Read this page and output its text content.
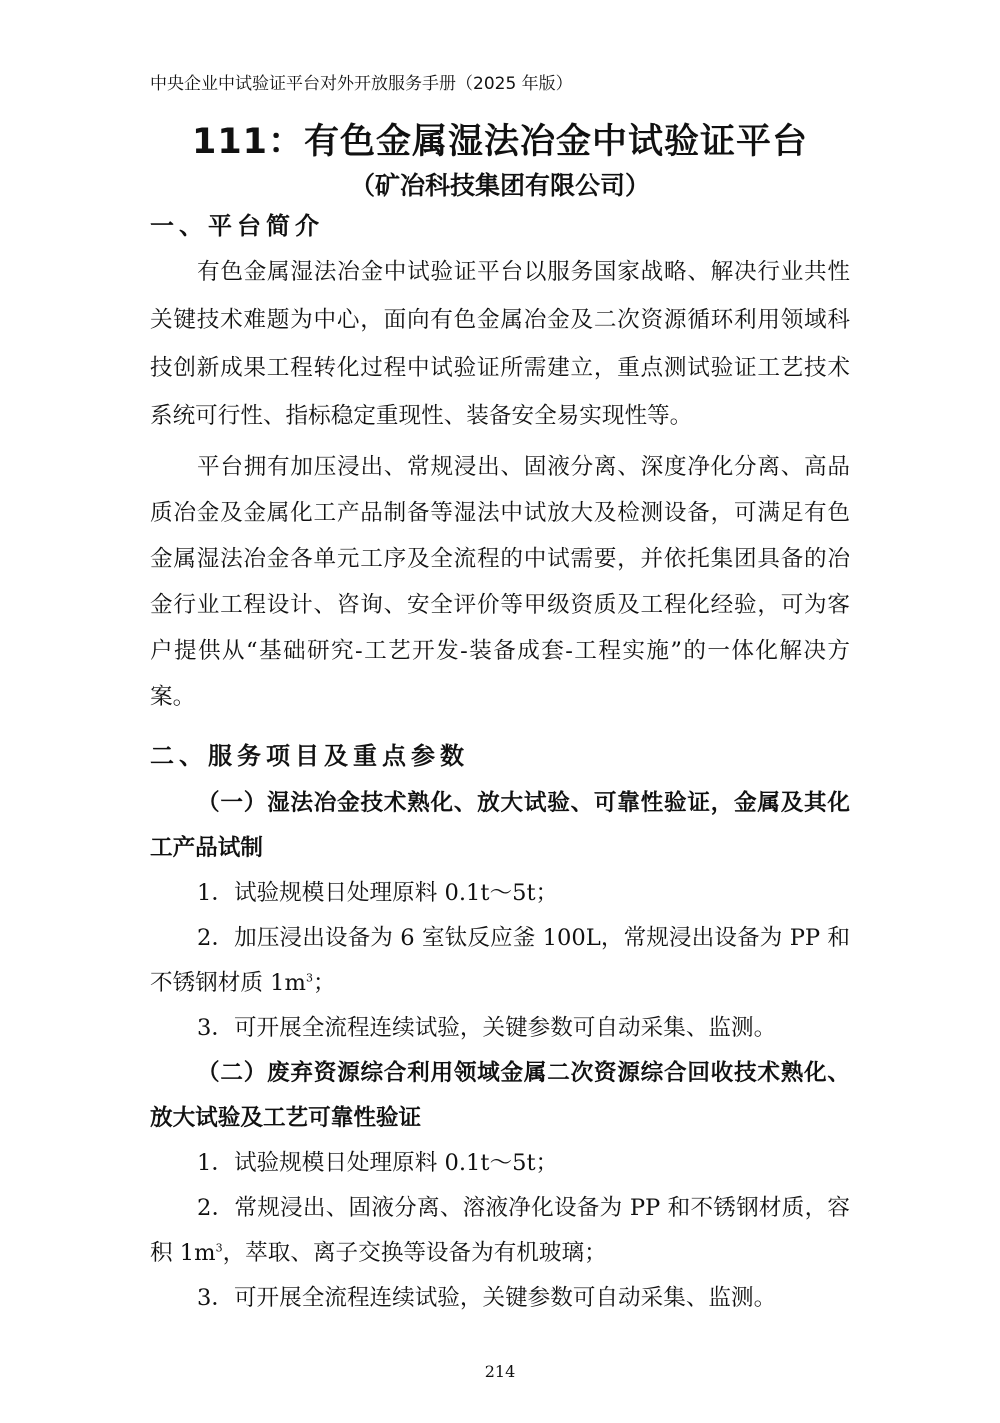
中央企业中试验证平台对外开放服务手册（2025 年版）
111：有色金属湿法冶金中试验证平台
（矿冶科技集团有限公司）
一、平台简介

有色金属湿法冶金中试验证平台以服务国家战略、解决行业共性关键技术难题为中心，面向有色金属冶金及二次资源循环利用领域科技创新成果工程转化过程中试验证所需建立，重点测试验证工艺技术系统可行性、指标稳定重现性、装备安全易实现性等。

平台拥有加压浸出、常规浸出、固液分离、深度净化分离、高品质冶金及金属化工产品制备等湿法中试放大及检测设备，可满足有色金属湿法冶金各单元工序及全流程的中试需要，并依托集团具备的冶金行业工程设计、咨询、安全评价等甲级资质及工程化经验，可为客户提供从“基础研究-工艺开发-装备成套-工程实施”的一体化解决方案。

二、服务项目及重点参数

（一）湿法冶金技术熟化、放大试验、可靠性验证，金属及其化工产品试制

1．试验规模日处理原料 0.1t～5t；

2．加压浸出设备为 6 室钛反应釜 100L，常规浸出设备为 PP 和不锈钢材质 $1m^3$；

3．可开展全流程连续试验，关键参数可自动采集、监测。

（二）废弃资源综合利用领域金属二次资源综合回收技术熟化、放大试验及工艺可靠性验证

1．试验规模日处理原料 0.1t～5t；

2．常规浸出、固液分离、溶液净化设备为 PP 和不锈钢材质，容积 $1m^3$，萃取、离子交换等设备为有机玻璃；

3．可开展全流程连续试验，关键参数可自动采集、监测。

214
